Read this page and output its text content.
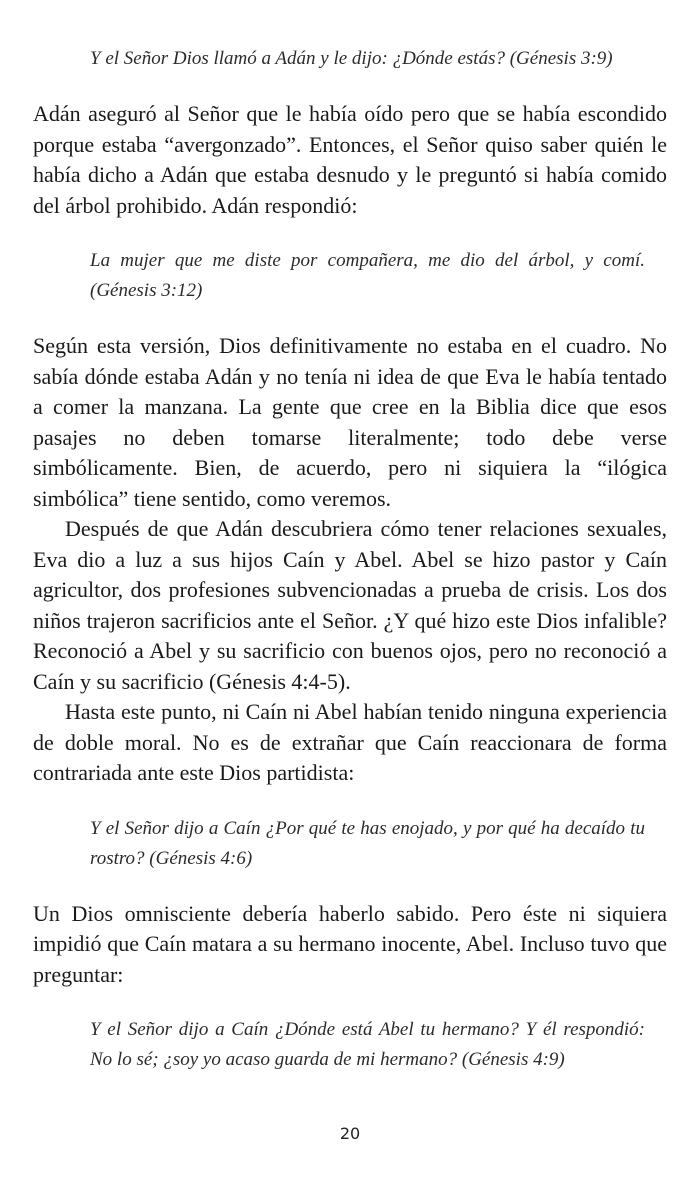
Y el Señor Dios llamó a Adán y le dijo: ¿Dónde estás? (Génesis 3:9)

Adán aseguró al Señor que le había oído pero que se había escondido porque estaba “avergonzado”. Entonces, el Señor quiso saber quién le había dicho a Adán que estaba desnudo y le preguntó si había comido del árbol prohibido. Adán respondió:

La mujer que me diste por compañera, me dio del árbol, y comí. (Génesis 3:12)

Según esta versión, Dios definitivamente no estaba en el cuadro. No sabía dónde estaba Adán y no tenía ni idea de que Eva le había tentado a comer la manzana. La gente que cree en la Biblia dice que esos pasajes no deben tomarse literalmente; todo debe verse simbólicamente. Bien, de acuerdo, pero ni siquiera la “ilógica simbólica” tiene sentido, como veremos.

Después de que Adán descubriera cómo tener relaciones sexuales, Eva dio a luz a sus hijos Caín y Abel. Abel se hizo pastor y Caín agricultor, dos profesiones subvencionadas a prueba de crisis. Los dos niños trajeron sacrificios ante el Señor. ¿Y qué hizo este Dios infalible? Reconoció a Abel y su sacrificio con buenos ojos, pero no reconoció a Caín y su sacrificio (Génesis 4:4-5).

Hasta este punto, ni Caín ni Abel habían tenido ninguna experiencia de doble moral. No es de extrañar que Caín reaccionara de forma contrariada ante este Dios partidista:

Y el Señor dijo a Caín ¿Por qué te has enojado, y por qué ha decaído tu rostro? (Génesis 4:6)

Un Dios omnisciente debería haberlo sabido. Pero éste ni siquiera impidió que Caín matara a su hermano inocente, Abel. Incluso tuvo que preguntar:

Y el Señor dijo a Caín ¿Dónde está Abel tu hermano? Y él respondió: No lo sé; ¿soy yo acaso guarda de mi hermano? (Génesis 4:9)

20
